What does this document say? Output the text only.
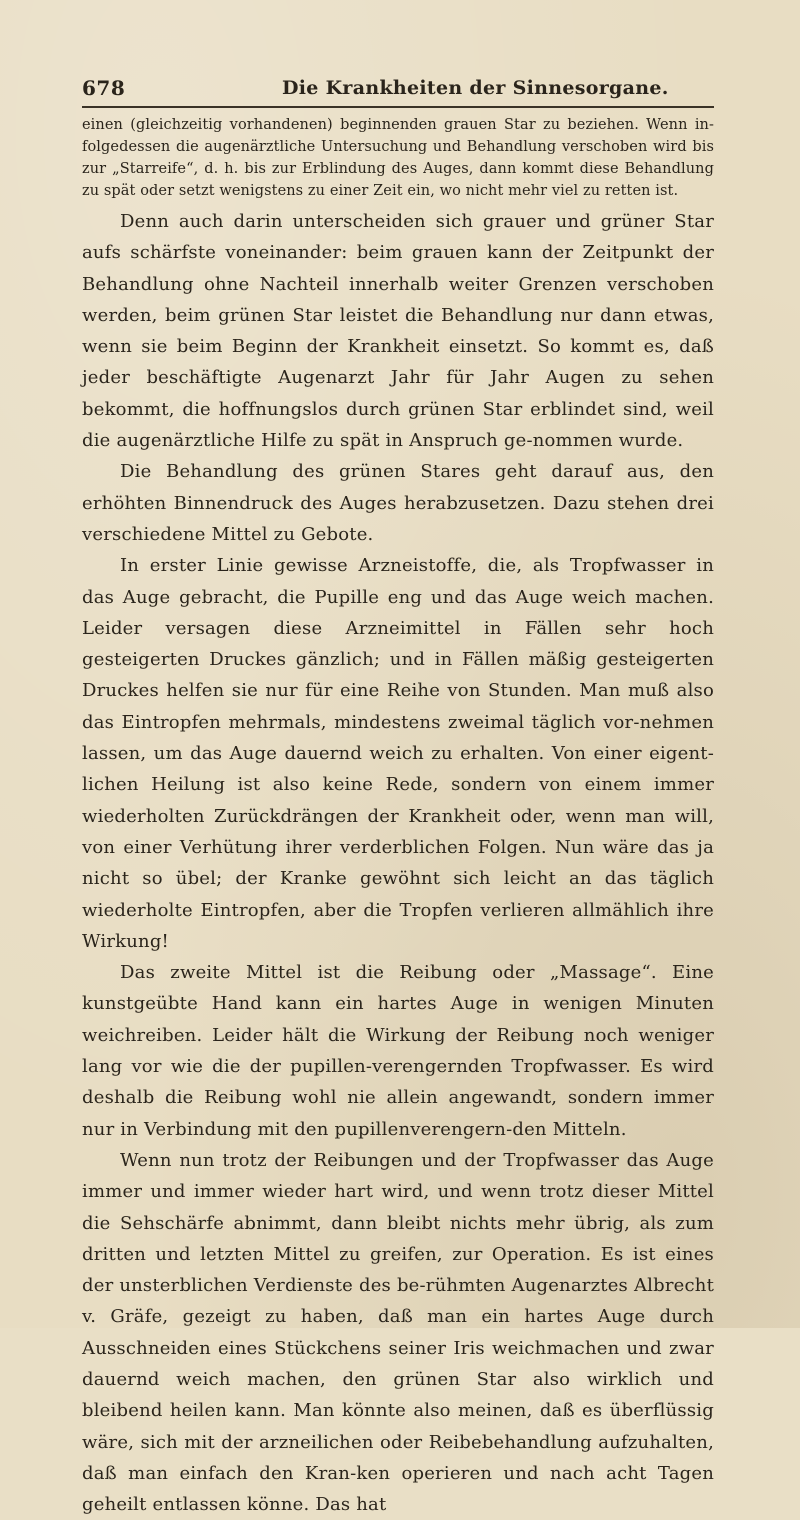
678	Die Krankheiten der Sinnesorgane.

einen (gleichzeitig vorhandenen) beginnenden grauen Star zu beziehen. Wenn in-folgedessen die augenärztliche Untersuchung und Behandlung verschoben wird bis zur „Starreife“, d. h. bis zur Erblindung des Auges, dann kommt diese Behandlung zu spät oder setzt wenigstens zu einer Zeit ein, wo nicht mehr viel zu retten ist.

Denn auch darin unterscheiden sich grauer und grüner Star aufs schärfste voneinander: beim grauen kann der Zeitpunkt der Behandlung ohne Nachteil innerhalb weiter Grenzen verschoben werden, beim grünen Star leistet die Behandlung nur dann etwas, wenn sie beim Beginn der Krankheit einsetzt. So kommt es, daß jeder beschäftigte Augenarzt Jahr für Jahr Augen zu sehen bekommt, die hoffnungslos durch grünen Star erblindet sind, weil die augenärztliche Hilfe zu spät in Anspruch ge-nommen wurde.

Die Behandlung des grünen Stares geht darauf aus, den erhöhten Binnendruck des Auges herabzusetzen. Dazu stehen drei verschiedene Mittel zu Gebote.

In erster Linie gewisse Arzneistoffe, die, als Tropfwasser in das Auge gebracht, die Pupille eng und das Auge weich machen. Leider versagen diese Arzneimittel in Fällen sehr hoch gesteigerten Druckes gänzlich; und in Fällen mäßig gesteigerten Druckes helfen sie nur für eine Reihe von Stunden. Man muß also das Eintropfen mehrmals, mindestens zweimal täglich vor-nehmen lassen, um das Auge dauernd weich zu erhalten. Von einer eigent-lichen Heilung ist also keine Rede, sondern von einem immer wiederholten Zurückdrängen der Krankheit oder, wenn man will, von einer Verhütung ihrer verderblichen Folgen. Nun wäre das ja nicht so übel; der Kranke gewöhnt sich leicht an das täglich wiederholte Eintropfen, aber die Tropfen verlieren allmählich ihre Wirkung!

Das zweite Mittel ist die Reibung oder „Massage“. Eine kunstgeübte Hand kann ein hartes Auge in wenigen Minuten weichreiben. Leider hält die Wirkung der Reibung noch weniger lang vor wie die der pupillen-verengernden Tropfwasser. Es wird deshalb die Reibung wohl nie allein angewandt, sondern immer nur in Verbindung mit den pupillenverengern-den Mitteln.

Wenn nun trotz der Reibungen und der Tropfwasser das Auge immer und immer wieder hart wird, und wenn trotz dieser Mittel die Sehschärfe abnimmt, dann bleibt nichts mehr übrig, als zum dritten und letzten Mittel zu greifen, zur Operation. Es ist eines der unsterblichen Verdienste des be-rühmten Augenarztes Albrecht v. Gräfe, gezeigt zu haben, daß man ein hartes Auge durch Ausschneiden eines Stückchens seiner Iris weichmachen und zwar dauernd weich machen, den grünen Star also wirklich und bleibend heilen kann. Man könnte also meinen, daß es überflüssig wäre, sich mit der arzneilichen oder Reibebehandlung aufzuhalten, daß man einfach den Kran-ken operieren und nach acht Tagen geheilt entlassen könne. Das hat
